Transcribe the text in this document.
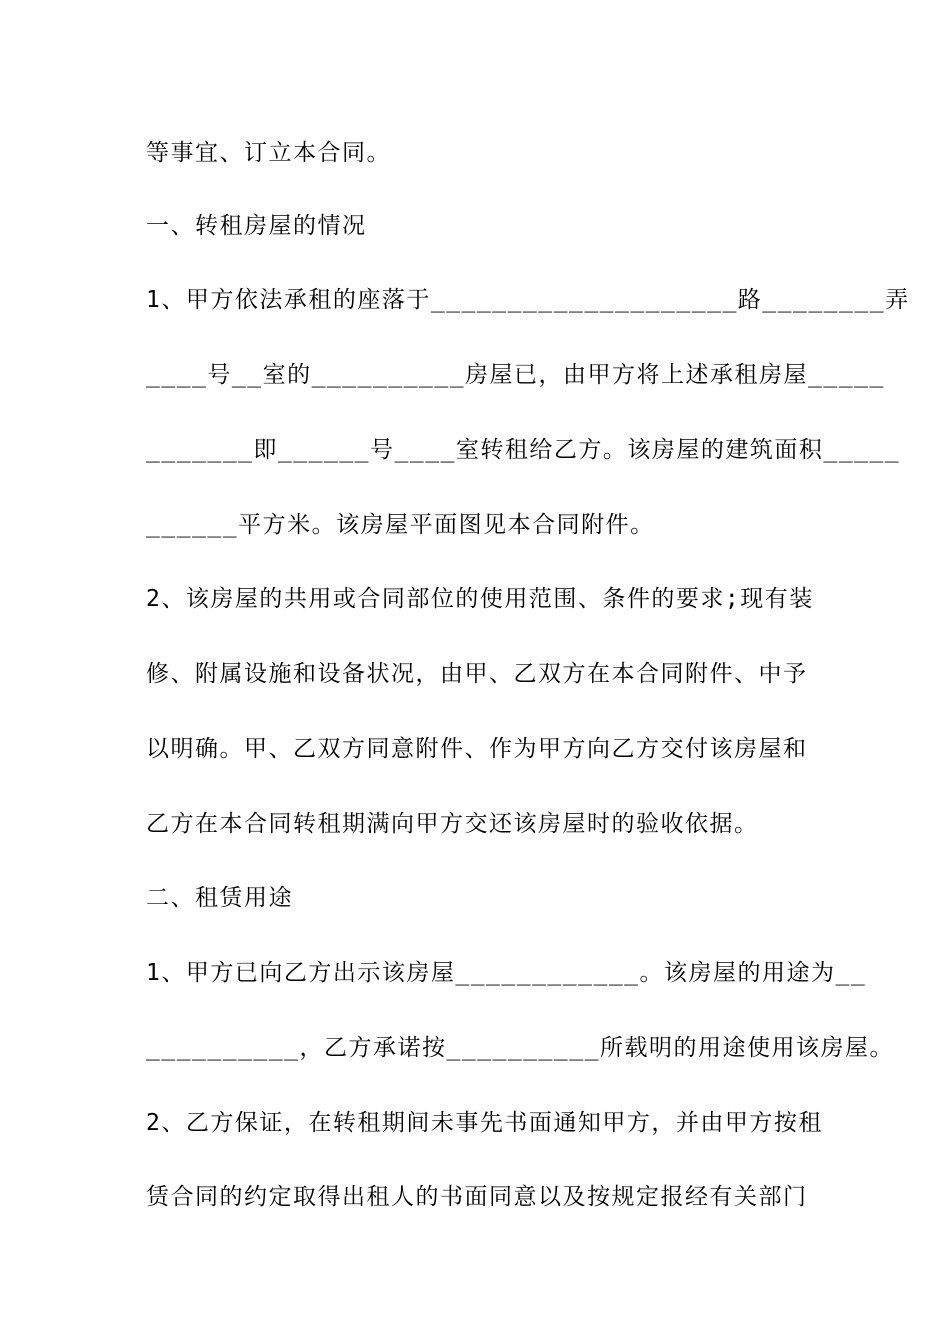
等事宜、订立本合同。
一、转租房屋的情况
1、甲方依法承租的座落于____________________路________弄
____号__室的__________房屋已，由甲方将上述承租房屋_____
_______即______号____室转租给乙方。该房屋的建筑面积_____
______平方米。该房屋平面图见本合同附件。
2、该房屋的共用或合同部位的使用范围、条件的要求;现有装
修、附属设施和设备状况，由甲、乙双方在本合同附件、中予
以明确。甲、乙双方同意附件、作为甲方向乙方交付该房屋和
乙方在本合同转租期满向甲方交还该房屋时的验收依据。
二、租赁用途
1、甲方已向乙方出示该房屋____________。该房屋的用途为__
__________，乙方承诺按__________所载明的用途使用该房屋。
2、乙方保证，在转租期间未事先书面通知甲方，并由甲方按租
赁合同的约定取得出租人的书面同意以及按规定报经有关部门
